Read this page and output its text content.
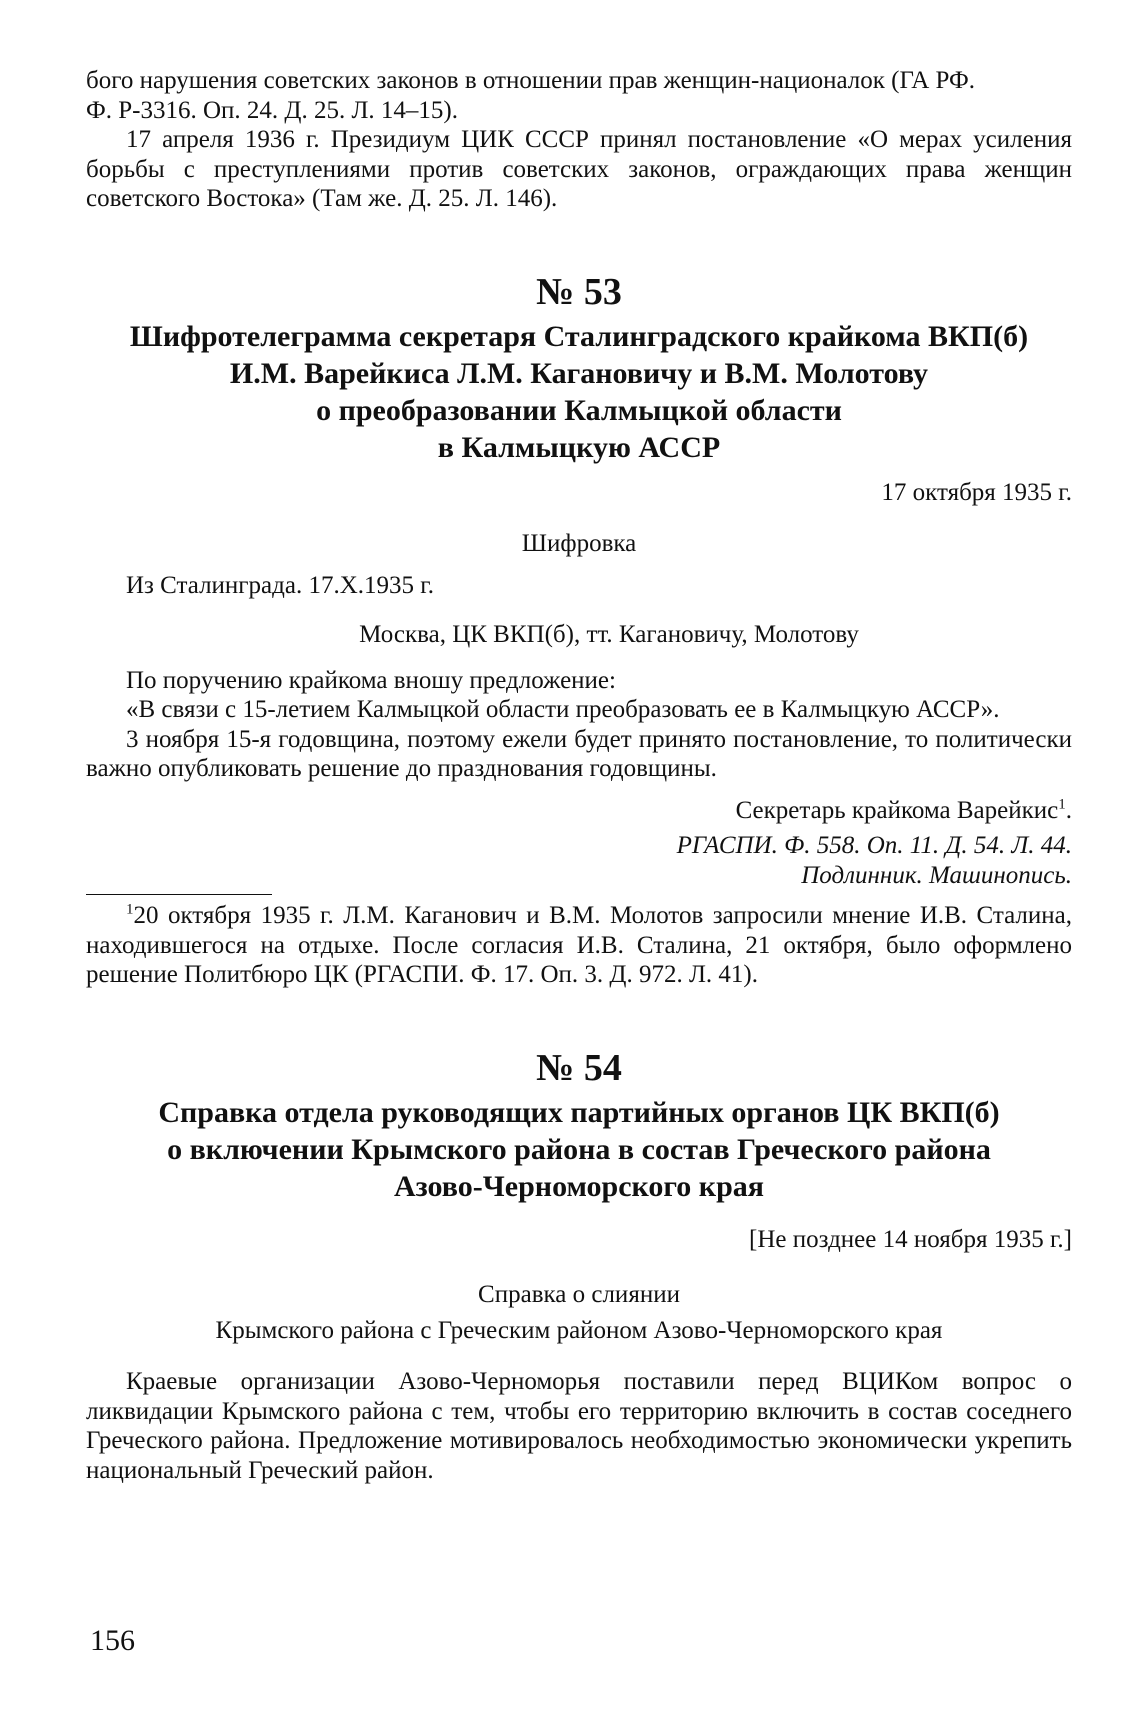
бого нарушения советских законов в отношении прав женщин-националок (ГА РФ.

Ф. Р-3316. Оп. 24. Д. 25. Л. 14–15).

17 апреля 1936 г. Президиум ЦИК СССР принял постановление «О мерах усиления борьбы с преступлениями против советских законов, ограждающих права женщин советского Востока» (Там же. Д. 25. Л. 146).

№ 53

Шифротелеграмма секретаря Сталинградского крайкома ВКП(б)

И.М. Варейкиса Л.М. Кагановичу и В.М. Молотову

о преобразовании Калмыцкой области

в Калмыцкую АССР

17 октября 1935 г.

Шифровка

Из Сталинграда. 17.X.1935 г.

Москва, ЦК ВКП(б), тт. Кагановичу, Молотову

По поручению крайкома вношу предложение:

«В связи с 15-летием Калмыцкой области преобразовать ее в Калмыцкую АССР».

3 ноября 15-я годовщина, поэтому ежели будет принято постановление, то политически важно опубликовать решение до празднования годовщины.

Секретарь крайкома Варейкис$^1$.

РГАСПИ. Ф. 558. Оп. 11. Д. 54. Л. 44.

Подлинник. Машинопись.

$^1$20 октября 1935 г. Л.М. Каганович и В.М. Молотов запросили мнение И.В. Сталина, находившегося на отдыхе. После согласия И.В. Сталина, 21 октября, было оформлено решение Политбюро ЦК (РГАСПИ. Ф. 17. Оп. 3. Д. 972. Л. 41).

№ 54

Справка отдела руководящих партийных органов ЦК ВКП(б)

о включении Крымского района в состав Греческого района

Азово-Черноморского края

[Не позднее 14 ноября 1935 г.]

Справка о слиянии

Крымского района с Греческим районом Азово-Черноморского края

Краевые организации Азово-Черноморья поставили перед ВЦИКом вопрос о ликвидации Крымского района с тем, чтобы его территорию включить в состав соседнего Греческого района. Предложение мотивировалось необходимостью экономически укрепить национальный Греческий район.

156
